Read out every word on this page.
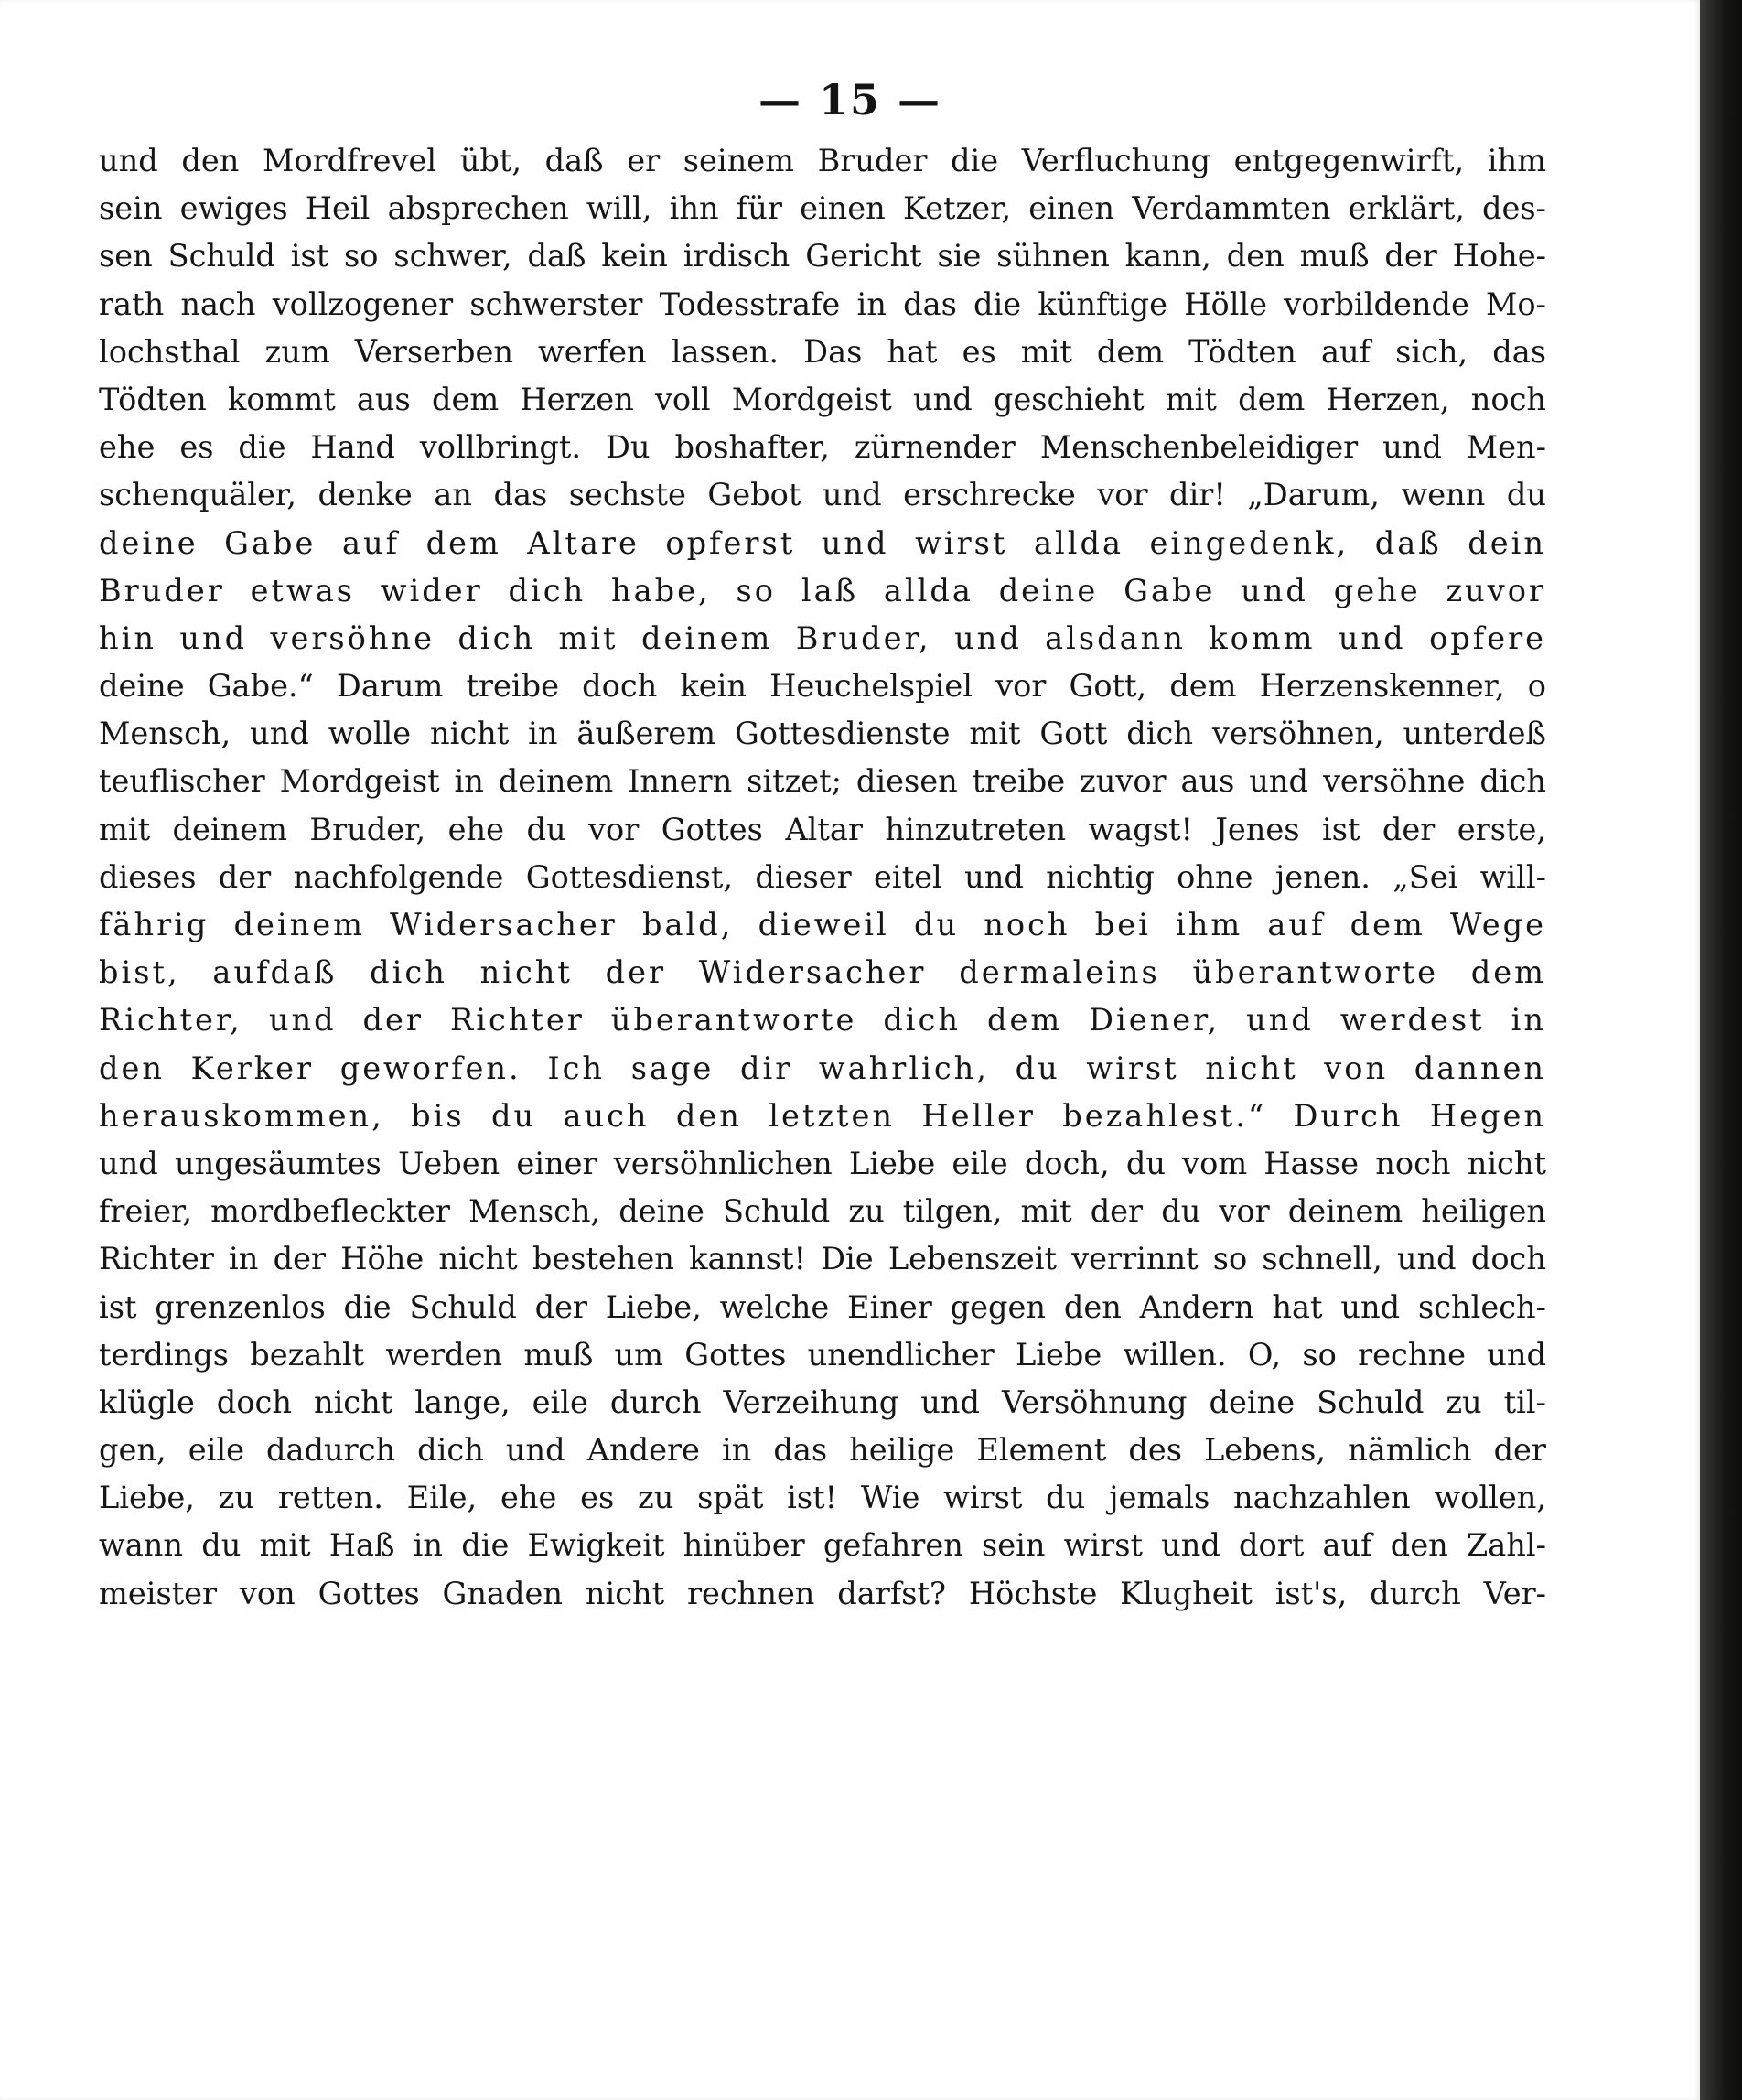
— 15 —
und den Mordfrevel übt, daß er seinem Bruder die Verfluchung entgegenwirft, ihm
sein ewiges Heil absprechen will, ihn für einen Ketzer, einen Verdammten erklärt, des-
sen Schuld ist so schwer, daß kein irdisch Gericht sie sühnen kann, den muß der Hohe-
rath nach vollzogener schwerster Todesstrafe in das die künftige Hölle vorbildende Mo-
lochsthal zum Verserben werfen lassen. Das hat es mit dem Tödten auf sich, das
Tödten kommt aus dem Herzen voll Mordgeist und geschieht mit dem Herzen, noch
ehe es die Hand vollbringt. Du boshafter, zürnender Menschenbeleidiger und Men-
schenquäler, denke an das sechste Gebot und erschrecke vor dir! „Darum, wenn du
deine Gabe auf dem Altare opferst und wirst allda eingedenk, daß dein
Bruder etwas wider dich habe, so laß allda deine Gabe und gehe zuvor
hin und versöhne dich mit deinem Bruder, und alsdann komm und opfere
deine Gabe.“ Darum treibe doch kein Heuchelspiel vor Gott, dem Herzenskenner, o
Mensch, und wolle nicht in äußerem Gottesdienste mit Gott dich versöhnen, unterdeß
teuflischer Mordgeist in deinem Innern sitzet; diesen treibe zuvor aus und versöhne dich
mit deinem Bruder, ehe du vor Gottes Altar hinzutreten wagst! Jenes ist der erste,
dieses der nachfolgende Gottesdienst, dieser eitel und nichtig ohne jenen. „Sei will-
fährig deinem Widersacher bald, dieweil du noch bei ihm auf dem Wege
bist, aufdaß dich nicht der Widersacher dermaleins überantworte dem
Richter, und der Richter überantworte dich dem Diener, und werdest in
den Kerker geworfen. Ich sage dir wahrlich, du wirst nicht von dannen
herauskommen, bis du auch den letzten Heller bezahlest.“ Durch Hegen
und ungesäumtes Ueben einer versöhnlichen Liebe eile doch, du vom Hasse noch nicht
freier, mordbefleckter Mensch, deine Schuld zu tilgen, mit der du vor deinem heiligen
Richter in der Höhe nicht bestehen kannst! Die Lebenszeit verrinnt so schnell, und doch
ist grenzenlos die Schuld der Liebe, welche Einer gegen den Andern hat und schlech-
terdings bezahlt werden muß um Gottes unendlicher Liebe willen. O, so rechne und
klügle doch nicht lange, eile durch Verzeihung und Versöhnung deine Schuld zu til-
gen, eile dadurch dich und Andere in das heilige Element des Lebens, nämlich der
Liebe, zu retten. Eile, ehe es zu spät ist! Wie wirst du jemals nachzahlen wollen,
wann du mit Haß in die Ewigkeit hinüber gefahren sein wirst und dort auf den Zahl-
meister von Gottes Gnaden nicht rechnen darfst? Höchste Klugheit ist's, durch Ver-
